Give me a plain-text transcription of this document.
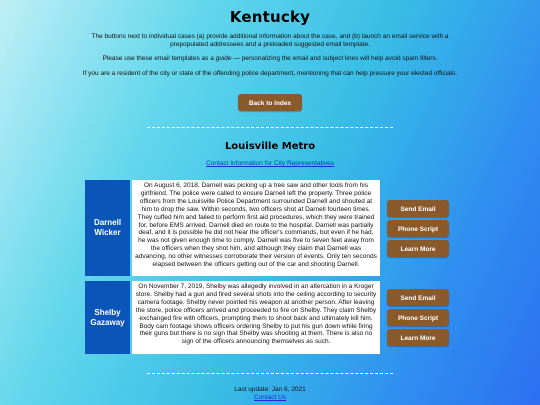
Kentucky

The buttons next to individual cases (a) provide additional information about the case, and (b) launch an email service with a prepopulated addressees and a preloaded suggested email template.

Please use these email templates as a guide — personalizing the email and subject lines will help avoid spam filters.

If you are a resident of the city or state of the offending police department, mentioning that can help pressure your elected officials.

Back to Index
Louisville Metro
Contact Information for City Representatives
Darnell Wicker
On August 6, 2018, Darnell was picking up a tree saw and other tools from his girlfriend. The police were called to ensure Darnell left the property. Three police officers from the Louisville Police Department surrounded Darnell and shouted at him to drop the saw. Within seconds, two officers shot at Darnell fourteen times. They cuffed him and failed to perform first aid procedures, which they were trained for, before EMS arrived. Darnell died en route to the hospital. Darnell was partially deaf, and it is possible he did not hear the officer's commands, but even if he had, he was not given enough time to comply. Darnell was five to seven feet away from the officers when they shot him, and although they claim that Darnell was advancing, no other witnesses corroborate their version of events. Only ten seconds elapsed between the officers getting out of the car and shooting Darnell.
Send Email
Phone Script
Learn More
Shelby Gazaway
On November 7, 2019, Shelby was allegedly involved in an altercation in a Kroger store. Shelby had a gun and fired several shots into the ceiling according to security camera footage. Shelby never pointed his weapon at another person. After leaving the store, police officers arrived and proceeded to fire on Shelby. They claim Shelby exchanged fire with officers, prompting them to shoot back and ultimately kill him. Body cam footage shows officers ordering Shelby to put his gun down while firing their guns but there is no sign that Shelby was shooting at them. There is also no sign of the officers announcing themselves as such.
Send Email
Phone Script
Learn More
Last update: Jan 6, 2021
Contact Us
